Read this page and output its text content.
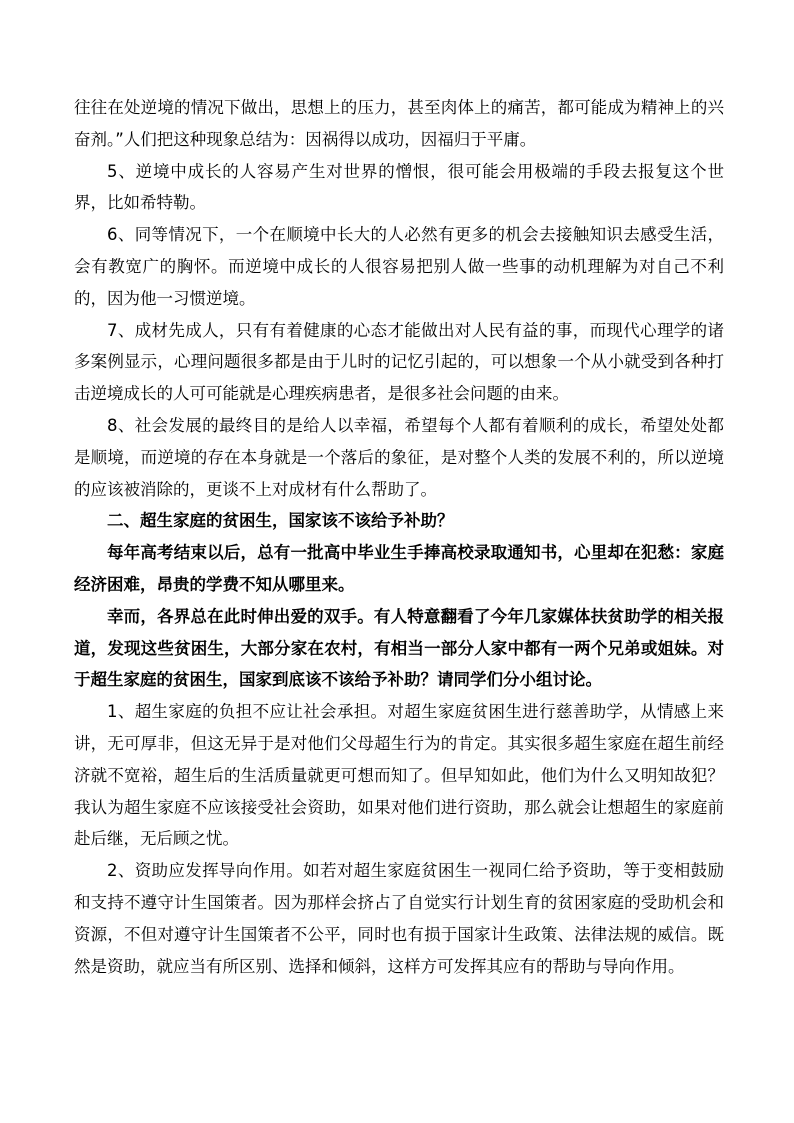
往往在处逆境的情况下做出，思想上的压力，甚至肉体上的痛苦，都可能成为精神上的兴奋剂。”人们把这种现象总结为：因祸得以成功，因福归于平庸。

5、逆境中成长的人容易产生对世界的憎恨，很可能会用极端的手段去报复这个世界，比如希特勒。

6、同等情况下，一个在顺境中长大的人必然有更多的机会去接触知识去感受生活，会有教宽广的胸怀。而逆境中成长的人很容易把别人做一些事的动机理解为对自己不利的，因为他一习惯逆境。

7、成材先成人，只有有着健康的心态才能做出对人民有益的事，而现代心理学的诸多案例显示，心理问题很多都是由于儿时的记忆引起的，可以想象一个从小就受到各种打击逆境成长的人可可能就是心理疾病患者，是很多社会问题的由来。

8、社会发展的最终目的是给人以幸福，希望每个人都有着顺利的成长，希望处处都是顺境，而逆境的存在本身就是一个落后的象征，是对整个人类的发展不利的，所以逆境的应该被消除的，更谈不上对成材有什么帮助了。

二、超生家庭的贫困生，国家该不该给予补助？

每年高考结束以后，总有一批高中毕业生手捧高校录取通知书，心里却在犯愁：家庭经济困难，昂贵的学费不知从哪里来。

幸而，各界总在此时伸出爱的双手。有人特意翻看了今年几家媒体扶贫助学的相关报道，发现这些贫困生，大部分家在农村，有相当一部分人家中都有一两个兄弟或姐妹。对于超生家庭的贫困生，国家到底该不该给予补助？请同学们分小组讨论。

1、超生家庭的负担不应让社会承担。对超生家庭贫困生进行慈善助学，从情感上来讲，无可厚非，但这无异于是对他们父母超生行为的肯定。其实很多超生家庭在超生前经济就不宽裕，超生后的生活质量就更可想而知了。但早知如此，他们为什么又明知故犯？我认为超生家庭不应该接受社会资助，如果对他们进行资助，那么就会让想超生的家庭前赴后继，无后顾之忧。

2、资助应发挥导向作用。如若对超生家庭贫困生一视同仁给予资助，等于变相鼓励和支持不遵守计生国策者。因为那样会挤占了自觉实行计划生育的贫困家庭的受助机会和资源，不但对遵守计生国策者不公平，同时也有损于国家计生政策、法律法规的威信。既然是资助，就应当有所区别、选择和倾斜，这样方可发挥其应有的帮助与导向作用。
